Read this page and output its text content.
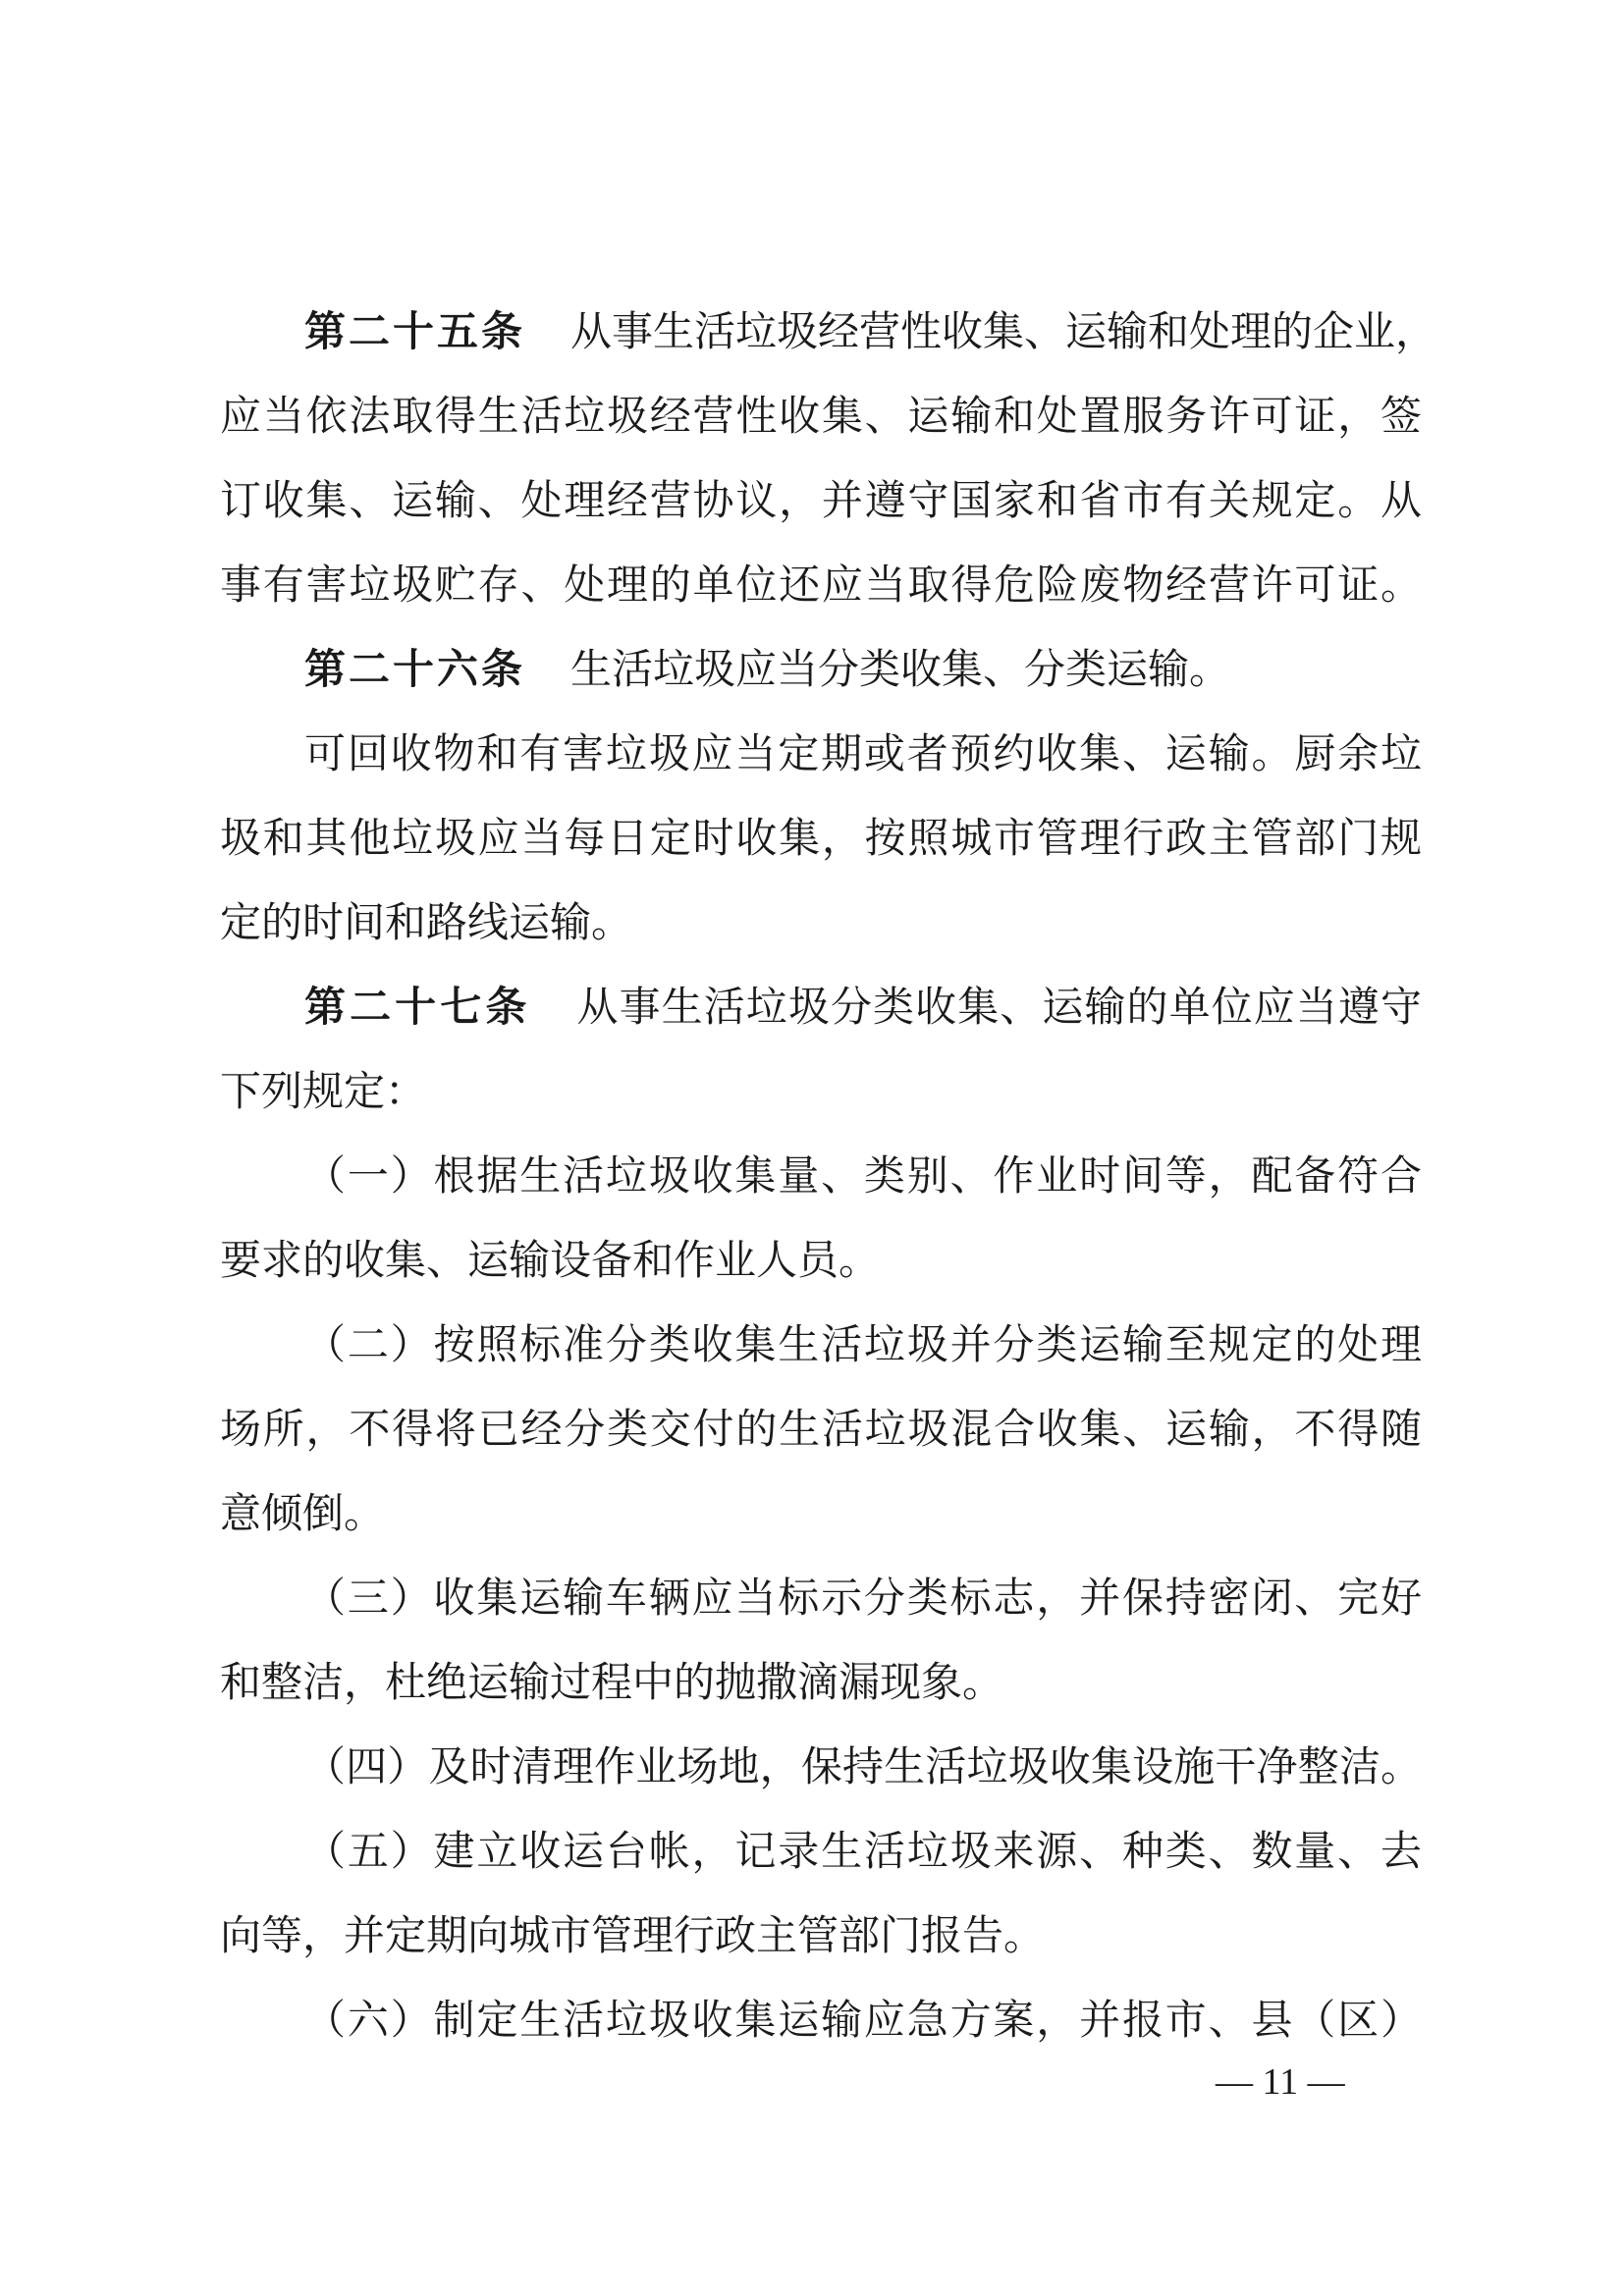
第二十五条 从事生活垃圾经营性收集、运输和处理的企业，
应当依法取得生活垃圾经营性收集、运输和处置服务许可证，签
订收集、运输、处理经营协议，并遵守国家和省市有关规定。从
事有害垃圾贮存、处理的单位还应当取得危险废物经营许可证。
第二十六条 生活垃圾应当分类收集、分类运输。
可回收物和有害垃圾应当定期或者预约收集、运输。厨余垃
圾和其他垃圾应当每日定时收集，按照城市管理行政主管部门规
定的时间和路线运输。
第二十七条 从事生活垃圾分类收集、运输的单位应当遵守
下列规定：
（一）根据生活垃圾收集量、类别、作业时间等，配备符合
要求的收集、运输设备和作业人员。
（二）按照标准分类收集生活垃圾并分类运输至规定的处理
场所，不得将已经分类交付的生活垃圾混合收集、运输，不得随
意倾倒。
（三）收集运输车辆应当标示分类标志，并保持密闭、完好
和整洁，杜绝运输过程中的抛撒滴漏现象。
（四）及时清理作业场地，保持生活垃圾收集设施干净整洁。
（五）建立收运台帐，记录生活垃圾来源、种类、数量、去
向等，并定期向城市管理行政主管部门报告。
（六）制定生活垃圾收集运输应急方案，并报市、县（区）
— 11 —
